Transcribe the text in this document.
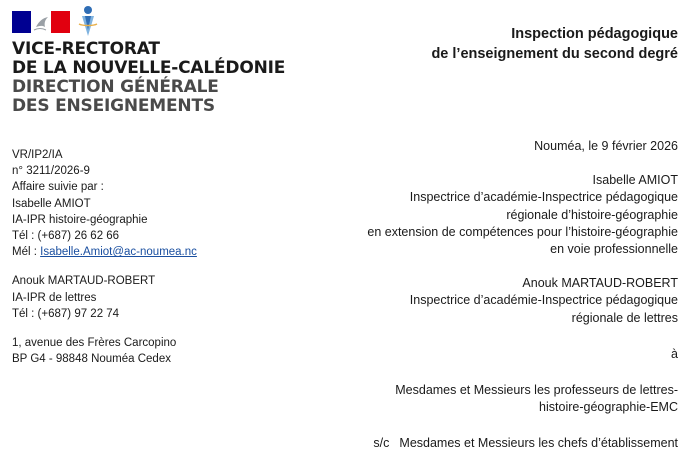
VICE-RECTORAT
DE LA NOUVELLE-CALÉDONIE
DIRECTION GÉNÉRALE
DES ENSEIGNEMENTS
Inspection pédagogique
de l’enseignement du second degré
VR/IP2/IA
n° 3211/2026-9
Affaire suivie par :
Isabelle AMIOT
IA-IPR histoire-géographie
Tél : (+687) 26 62 66
Mél : Isabelle.Amiot@ac-noumea.nc
Anouk MARTAUD-ROBERT
IA-IPR de lettres
Tél : (+687) 97 22 74
1, avenue des Frères Carcopino
BP G4 - 98848 Nouméa Cedex
Nouméa, le 9 février 2026
Isabelle AMIOT
Inspectrice d’académie-Inspectrice pédagogique
régionale d’histoire-géographie
en extension de compétences pour l’histoire-géographie
en voie professionnelle
Anouk MARTAUD-ROBERT
Inspectrice d’académie-Inspectrice pédagogique
régionale de lettres
à
Mesdames et Messieurs les professeurs de lettres-
histoire-géographie-EMC
s/c Mesdames et Messieurs les chefs d’établissement
